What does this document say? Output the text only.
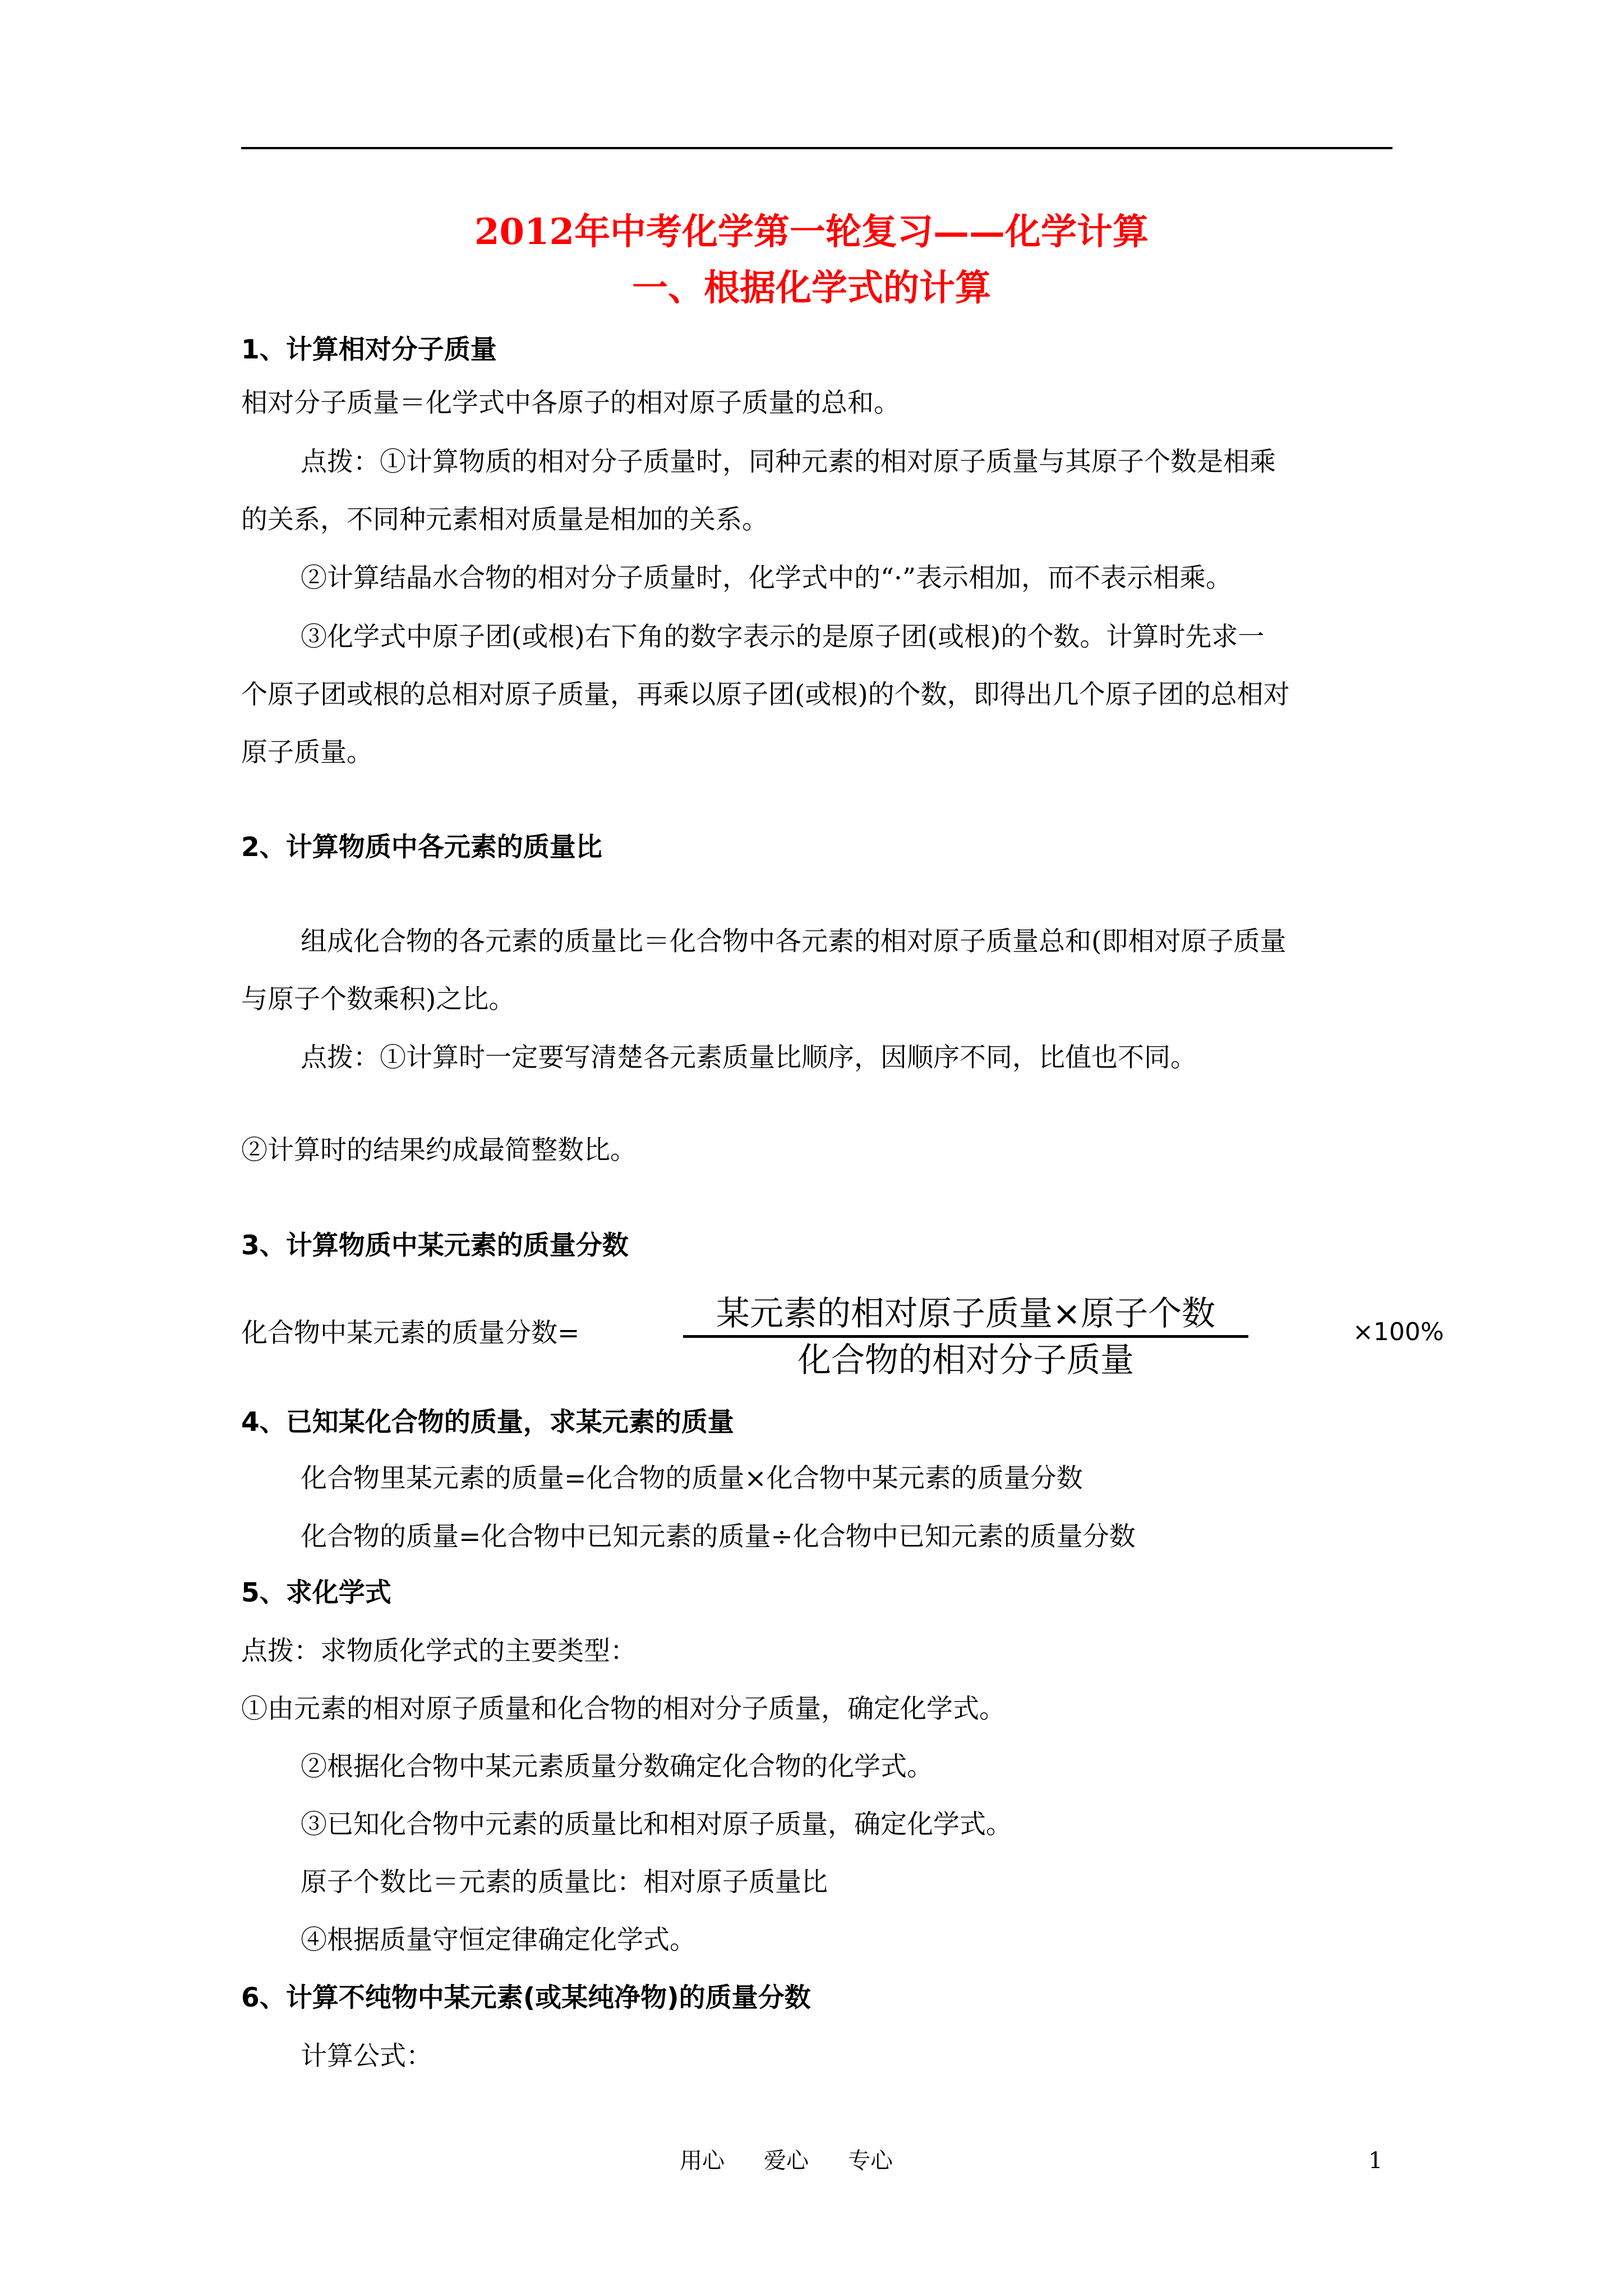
2012年中考化学第一轮复习——化学计算
一、根据化学式的计算
1、计算相对分子质量
相对分子质量＝化学式中各原子的相对原子质量的总和。
点拨：①计算物质的相对分子质量时，同种元素的相对原子质量与其原子个数是相乘
的关系，不同种元素相对质量是相加的关系。
②计算结晶水合物的相对分子质量时，化学式中的“·”表示相加，而不表示相乘。
③化学式中原子团(或根)右下角的数字表示的是原子团(或根)的个数。计算时先求一
个原子团或根的总相对原子质量，再乘以原子团(或根)的个数，即得出几个原子团的总相对
原子质量。
2、计算物质中各元素的质量比
组成化合物的各元素的质量比＝化合物中各元素的相对原子质量总和(即相对原子质量
与原子个数乘积)之比。
点拨：①计算时一定要写清楚各元素质量比顺序，因顺序不同，比值也不同。
②计算时的结果约成最简整数比。
3、计算物质中某元素的质量分数
化合物中某元素的质量分数=	某元素的相对原子质量×原子个数
化合物的相对分子质量
×100%
4、已知某化合物的质量，求某元素的质量
化合物里某元素的质量=化合物的质量×化合物中某元素的质量分数
化合物的质量=化合物中已知元素的质量÷化合物中已知元素的质量分数
5、求化学式
点拨：求物质化学式的主要类型：
①由元素的相对原子质量和化合物的相对分子质量，确定化学式。
②根据化合物中某元素质量分数确定化合物的化学式。
③已知化合物中元素的质量比和相对原子质量，确定化学式。
原子个数比＝元素的质量比：相对原子质量比
④根据质量守恒定律确定化学式。
6、计算不纯物中某元素(或某纯净物)的质量分数
计算公式：
用心 爱心 专心	1
